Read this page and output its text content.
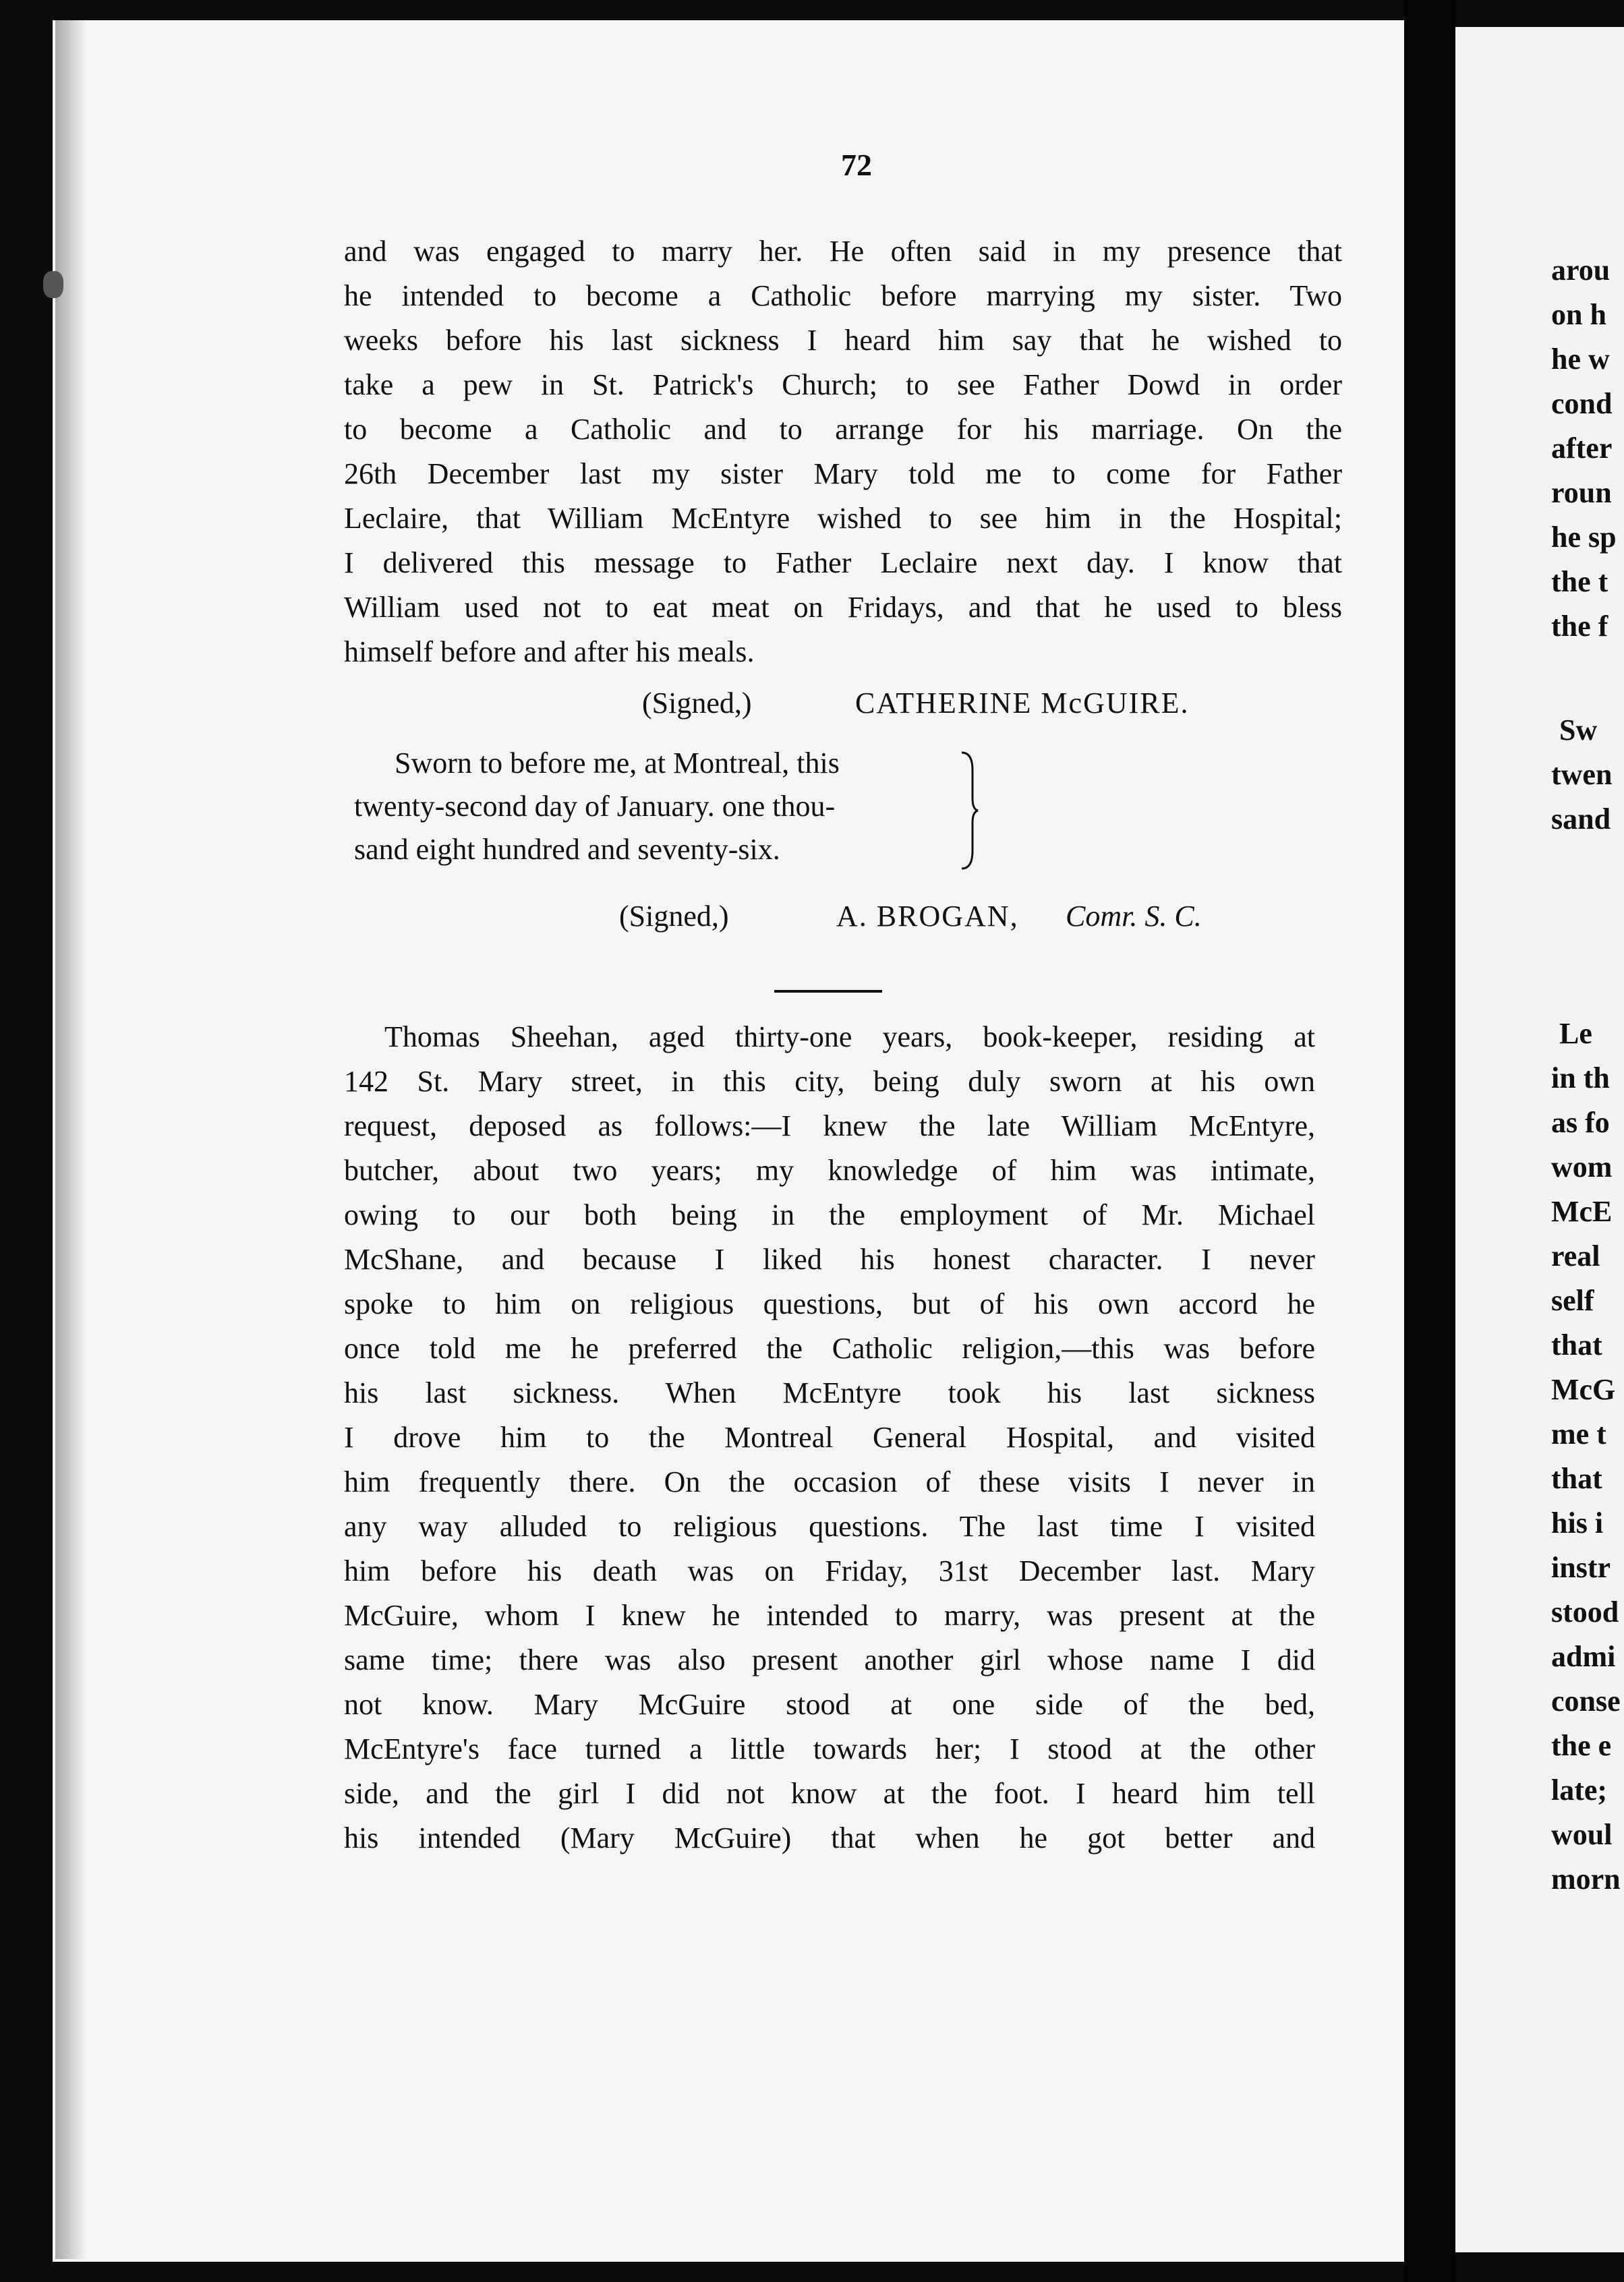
72
and was engaged to marry her. He often said in my presence that
he intended to become a Catholic before marrying my sister. Two
weeks before his last sickness I heard him say that he wished to
take a pew in St. Patrick's Church; to see Father Dowd in order
to become a Catholic and to arrange for his marriage. On the
26th December last my sister Mary told me to come for Father
Leclaire, that William McEntyre wished to see him in the Hospital;
I delivered this message to Father Leclaire next day. I know that
William used not to eat meat on Fridays, and that he used to bless
himself before and after his meals.
(Signed,)	CATHERINE McGUIRE.
Sworn to before me, at Montreal, this
twenty-second day of January. one thou-
sand eight hundred and seventy-six.
(Signed,)	A. BROGAN, Comr. S. C.
Thomas Sheehan, aged thirty-one years, book-keeper, residing at
142 St. Mary street, in this city, being duly sworn at his own
request, deposed as follows:—I knew the late William McEntyre,
butcher, about two years; my knowledge of him was intimate,
owing to our both being in the employment of Mr. Michael
McShane, and because I liked his honest character. I never
spoke to him on religious questions, but of his own accord he
once told me he preferred the Catholic religion,—this was before
his last sickness. When McEntyre took his last sickness
I drove him to the Montreal General Hospital, and visited
him frequently there. On the occasion of these visits I never in
any way alluded to religious questions. The last time I visited
him before his death was on Friday, 31st December last. Mary
McGuire, whom I knew he intended to marry, was present at the
same time; there was also present another girl whose name I did
not know. Mary McGuire stood at one side of the bed,
McEntyre's face turned a little towards her; I stood at the other
side, and the girl I did not know at the foot. I heard him tell
his intended (Mary McGuire) that when he got better and
arou
on h
he w
cond
after
roun
he sp
the t
the f
Sw
twen
sand
Le
in th
as fo
wom
McE
real
self
that
McG
me t
that
his i
instr
stood
admi
conse
the e
late;
woul
morn
